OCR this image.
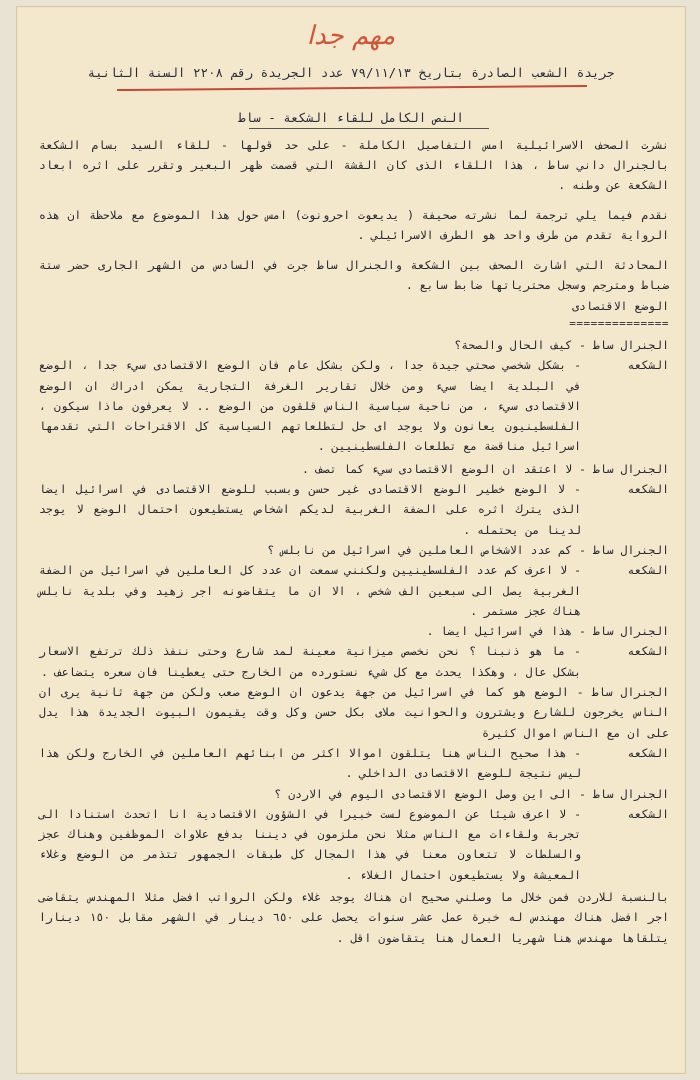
مهم جدا
جريدة الشعب الصادرة بتاريخ ٧٩/١١/١٣ عدد الجريدة رقم ٢٢٠٨ السنة الثانية
النص الكامل للقاء الشكعة - ساط
نشرت الصحف الاسرائيلية امس التفاصيل الكاملة - على حد قولها - للقاء السيد بسام الشكعة بالجنرال داني ساط ، هذا اللقاء الذى كان القشة التي قصمت ظهر البعير وتقرر على اثره ابعاد الشكعة عن وطنه .
نقدم فيما يلي ترجمة لما نشرته صحيفة ( يديعوت احرونوت) امس حول هذا الموضوع مع ملاحظة ان هذه الرواية تقدم من طرف واحد هو الطرف الاسرائيلي .
المحادثة التي اشارت الصحف بين الشكعة والجنرال ساط جرت في السادس من الشهر الجارى حضر ستة ضباط ومترجم وسجل محترياتها ضابط سابع .
الوضع الاقتصادى
==============
الجنرال ساط - كيف الحال والصحة؟
الشكعه
- بشكل شخصي صحتي جيدة جدا ، ولكن بشكل عام فان الوضع الاقتصادى سيء جدا ، الوضع في البلدية ايضا سيء ومن خلال تقارير الغرفة التجارية يمكن ادراك ان الوضع الاقتصادى سيء ، من ناحية سياسية الناس قلقون من الوضع .. لا يعرفون ماذا سيكون ، الفلسطينيون يعانون ولا يوجد اى حل لتطلعاتهم السياسية كل الاقتراحات التي تقدمها اسرائيل مناقضة مع تطلعات الفلسطينيين .
الجنرال ساط - لا اعتقد ان الوضع الاقتصادى سيء كما تصف .
الشكعه
- لا الوضع خطير الوضع الاقتصادى غير حسن وبسبب للوضع الاقتصادى في اسرائيل ايضا الذى يترك اثره على الضفة الغربية لديكم اشخاص يستطيعون احتمال الوضع لا يوجد لدينا من يحتمله .
الجنرال ساط - كم عدد الاشخاص العاملين في اسرائيل من نابلس ؟
الشكعه
- لا اعرف كم عدد الفلسطينيين ولكنني سمعت ان عدد كل العاملين في اسرائيل من الضفة الغربية يصل الى سبعين الف شخص ، الا ان ما يتقاضونه اجر زهيد وفي بلدية نابلس هناك عجز مستمر .
الجنرال ساط - هذا في اسرائيل ايضا .
الشكعه
- ما هو ذنبنا ؟ نحن نخصص ميزانية معينة لمد شارع وحتى ننفذ ذلك ترتفع الاسعار بشكل عال ، وهكذا يحدث مع كل شيء نستورده من الخارج حتى يعطينا فان سعره يتضاعف .
الجنرال ساط - الوضع هو كما في اسرائيل من جهة يدعون ان الوضع صعب ولكن من جهة ثانية يرى ان الناس يخرجون للشارع ويشترون والحوانيت ملاى بكل حسن وكل وقت يقيمون البيوت الجديدة هذا يدل على ان مع الناس اموال كثيرة
الشكعه
- هذا صحيح الناس هنا يتلقون اموالا اكثر من ابنائهم العاملين في الخارج ولكن هذا ليس نتيجة للوضع الاقتصادى الداخلي .
الجنرال ساط - الى اين وصل الوضع الاقتصادى اليوم في الاردن ؟
الشكعه
- لا اعرف شيئا عن الموضوع لست خبيرا في الشؤون الاقتصادية انا اتحدث استنادا الى تجربة ولقاءات مع الناس مثلا نحن ملزمون في ديننا بدفع علاوات الموظفين وهناك عجز والسلطات لا تتعاون معنا في هذا المجال كل طبقات الجمهور تتذمر من الوضع وغلاء المعيشة ولا يستطيعون احتمال الغلاء .
بالنسبة للاردن فمن خلال ما وصلني صحيح ان هناك يوجد غلاء ولكن الرواتب افضل مثلا المهندس يتقاضى اجر افضل هناك مهندس له خبرة عمل عشر سنوات يحصل على ٦٥٠ دينار في الشهر مقابل ١٥٠ دينارا يتلقاها مهندس هنا شهريا العمال هنا يتقاضون اقل .
